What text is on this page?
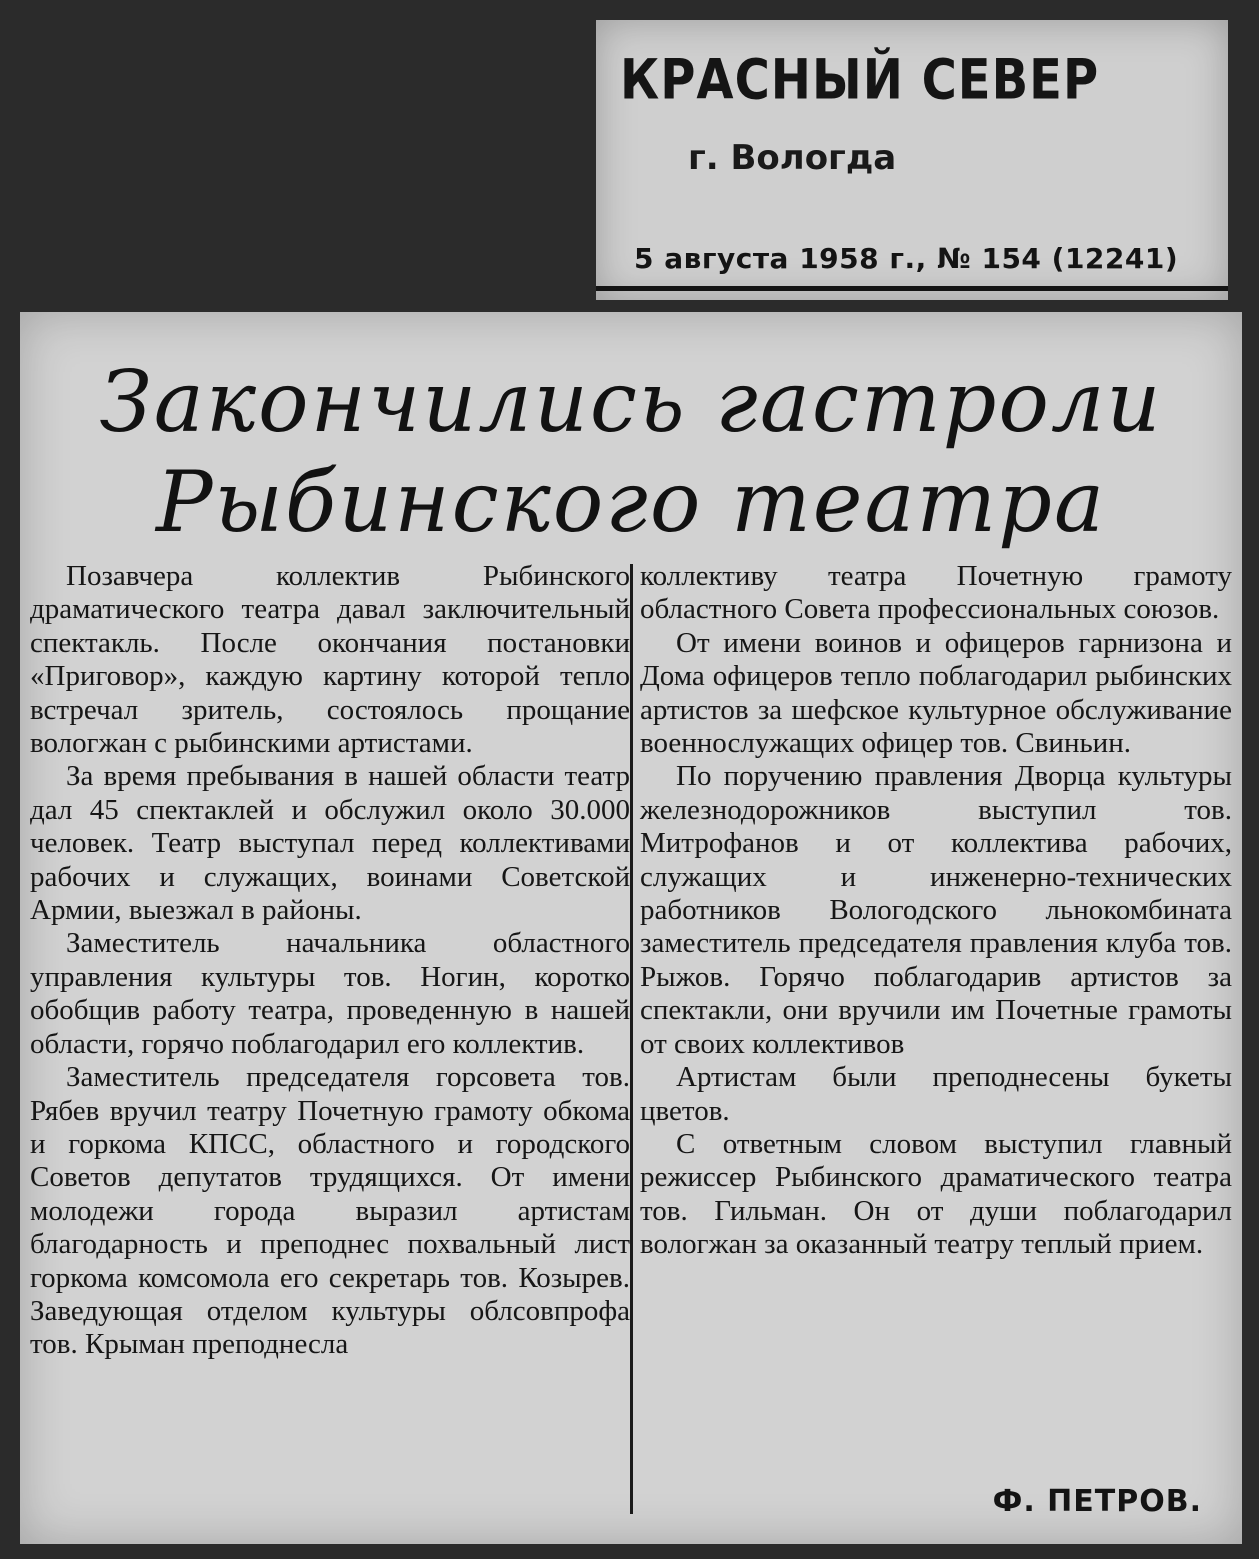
КРАСНЫЙ СЕВЕР
г. Вологда
5 августа 1958 г., № 154 (12241)
Закончились гастроли
Рыбинского театра

Позавчера коллектив Рыбинского драматического театра давал заключительный спектакль. После окончания постановки «Приговор», каждую картину которой тепло встречал зритель, состоялось прощание вологжан с рыбинскими артистами.

За время пребывания в нашей области театр дал 45 спектаклей и обслужил около 30.000 человек. Театр выступал перед коллективами рабочих и служащих, воинами Советской Армии, выезжал в районы.

Заместитель начальника областного управления культуры тов. Ногин, коротко обобщив работу театра, проведенную в нашей области, горячо поблагодарил его коллектив.

Заместитель председателя горсовета тов. Рябев вручил театру Почетную грамоту обкома и горкома КПСС, областного и городского Советов депутатов трудящихся. От имени молодежи города выразил артистам благодарность и преподнес похвальный лист горкома комсомола его секретарь тов. Козырев. Заведующая отделом культуры облсовпрофа тов. Крыман преподнесла

коллективу театра Почетную грамоту областного Совета профессиональных союзов.

От имени воинов и офицеров гарнизона и Дома офицеров тепло поблагодарил рыбинских артистов за шефское культурное обслуживание военнослужащих офицер тов. Свиньин.

По поручению правления Дворца культуры железнодорожников выступил тов. Митрофанов и от коллектива рабочих, служащих и инженерно-технических работников Вологодского льнокомбината заместитель председателя правления клуба тов. Рыжов. Горячо поблагодарив артистов за спектакли, они вручили им Почетные грамоты от своих коллективов

Артистам были преподнесены букеты цветов.

С ответным словом выступил главный режиссер Рыбинского драматического театра тов. Гильман. Он от души поблагодарил вологжан за оказанный театру теплый прием.

Ф. ПЕТРОВ.
